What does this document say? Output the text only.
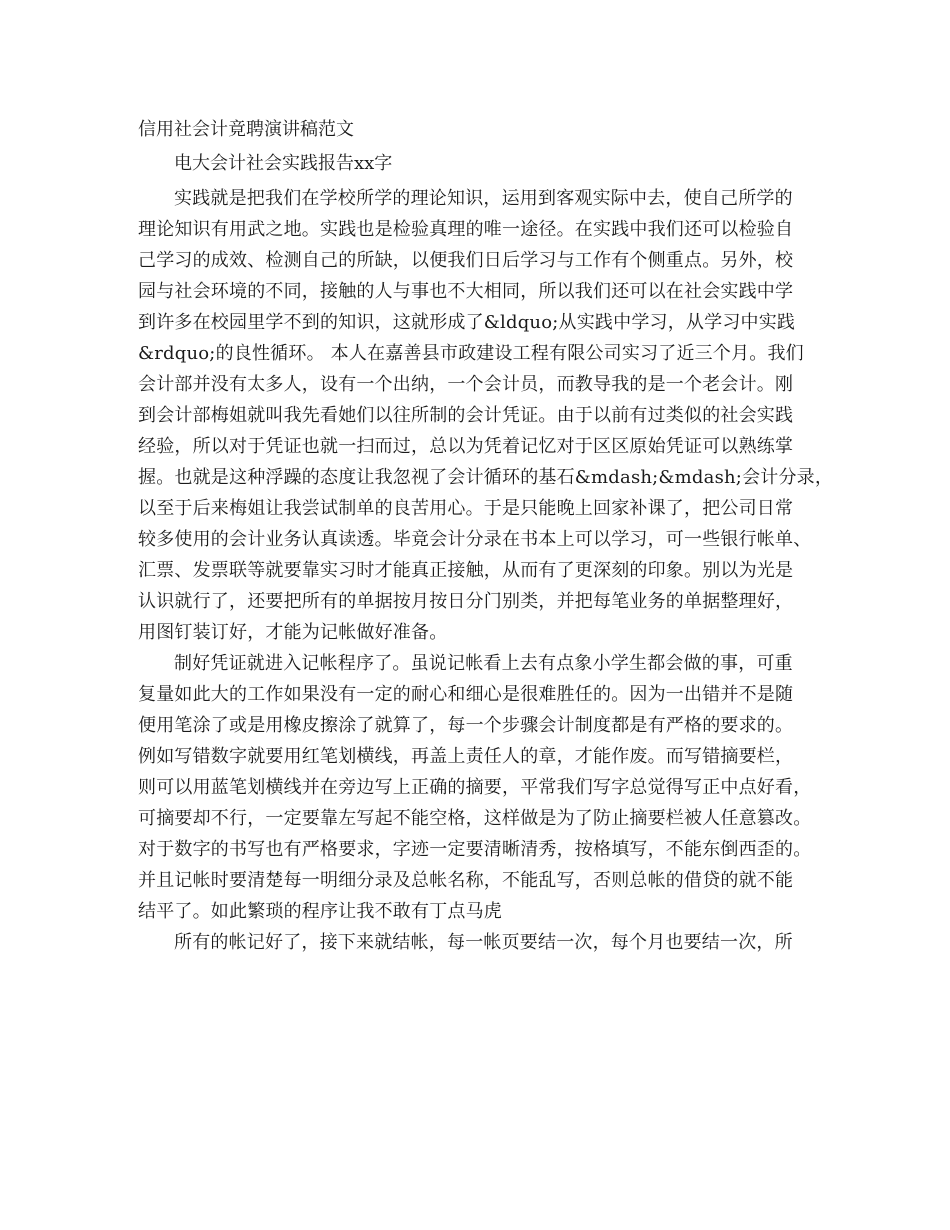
信用社会计竟聘演讲稿范文
电大会计社会实践报告xx字
实践就是把我们在学校所学的理论知识，运用到客观实际中去，使自己所学的
理论知识有用武之地。实践也是检验真理的唯一途径。在实践中我们还可以检验自
己学习的成效、检测自己的所缺，以便我们日后学习与工作有个侧重点。另外，校
园与社会环境的不同，接触的人与事也不大相同，所以我们还可以在社会实践中学
到许多在校园里学不到的知识，这就形成了&ldquo;从实践中学习，从学习中实践
&rdquo;的良性循环。 本人在嘉善县市政建设工程有限公司实习了近三个月。我们
会计部并没有太多人，设有一个出纳，一个会计员，而教导我的是一个老会计。刚
到会计部梅姐就叫我先看她们以往所制的会计凭证。由于以前有过类似的社会实践
经验，所以对于凭证也就一扫而过，总以为凭着记忆对于区区原始凭证可以熟练掌
握。也就是这种浮躁的态度让我忽视了会计循环的基石&mdash;&mdash;会计分录，
以至于后来梅姐让我尝试制单的良苦用心。于是只能晚上回家补课了，把公司日常
较多使用的会计业务认真读透。毕竟会计分录在书本上可以学习，可一些银行帐单、
汇票、发票联等就要靠实习时才能真正接触，从而有了更深刻的印象。别以为光是
认识就行了，还要把所有的单据按月按日分门别类，并把每笔业务的单据整理好，
用图钉装订好，才能为记帐做好准备。
制好凭证就进入记帐程序了。虽说记帐看上去有点象小学生都会做的事，可重
复量如此大的工作如果没有一定的耐心和细心是很难胜任的。因为一出错并不是随
便用笔涂了或是用橡皮擦涂了就算了，每一个步骤会计制度都是有严格的要求的。
例如写错数字就要用红笔划横线，再盖上责任人的章，才能作废。而写错摘要栏，
则可以用蓝笔划横线并在旁边写上正确的摘要，平常我们写字总觉得写正中点好看，
可摘要却不行，一定要靠左写起不能空格，这样做是为了防止摘要栏被人任意篡改。
对于数字的书写也有严格要求，字迹一定要清晰清秀，按格填写，不能东倒西歪的。
并且记帐时要清楚每一明细分录及总帐名称，不能乱写，否则总帐的借贷的就不能
结平了。如此繁琐的程序让我不敢有丁点马虎
所有的帐记好了，接下来就结帐，每一帐页要结一次，每个月也要结一次，所
